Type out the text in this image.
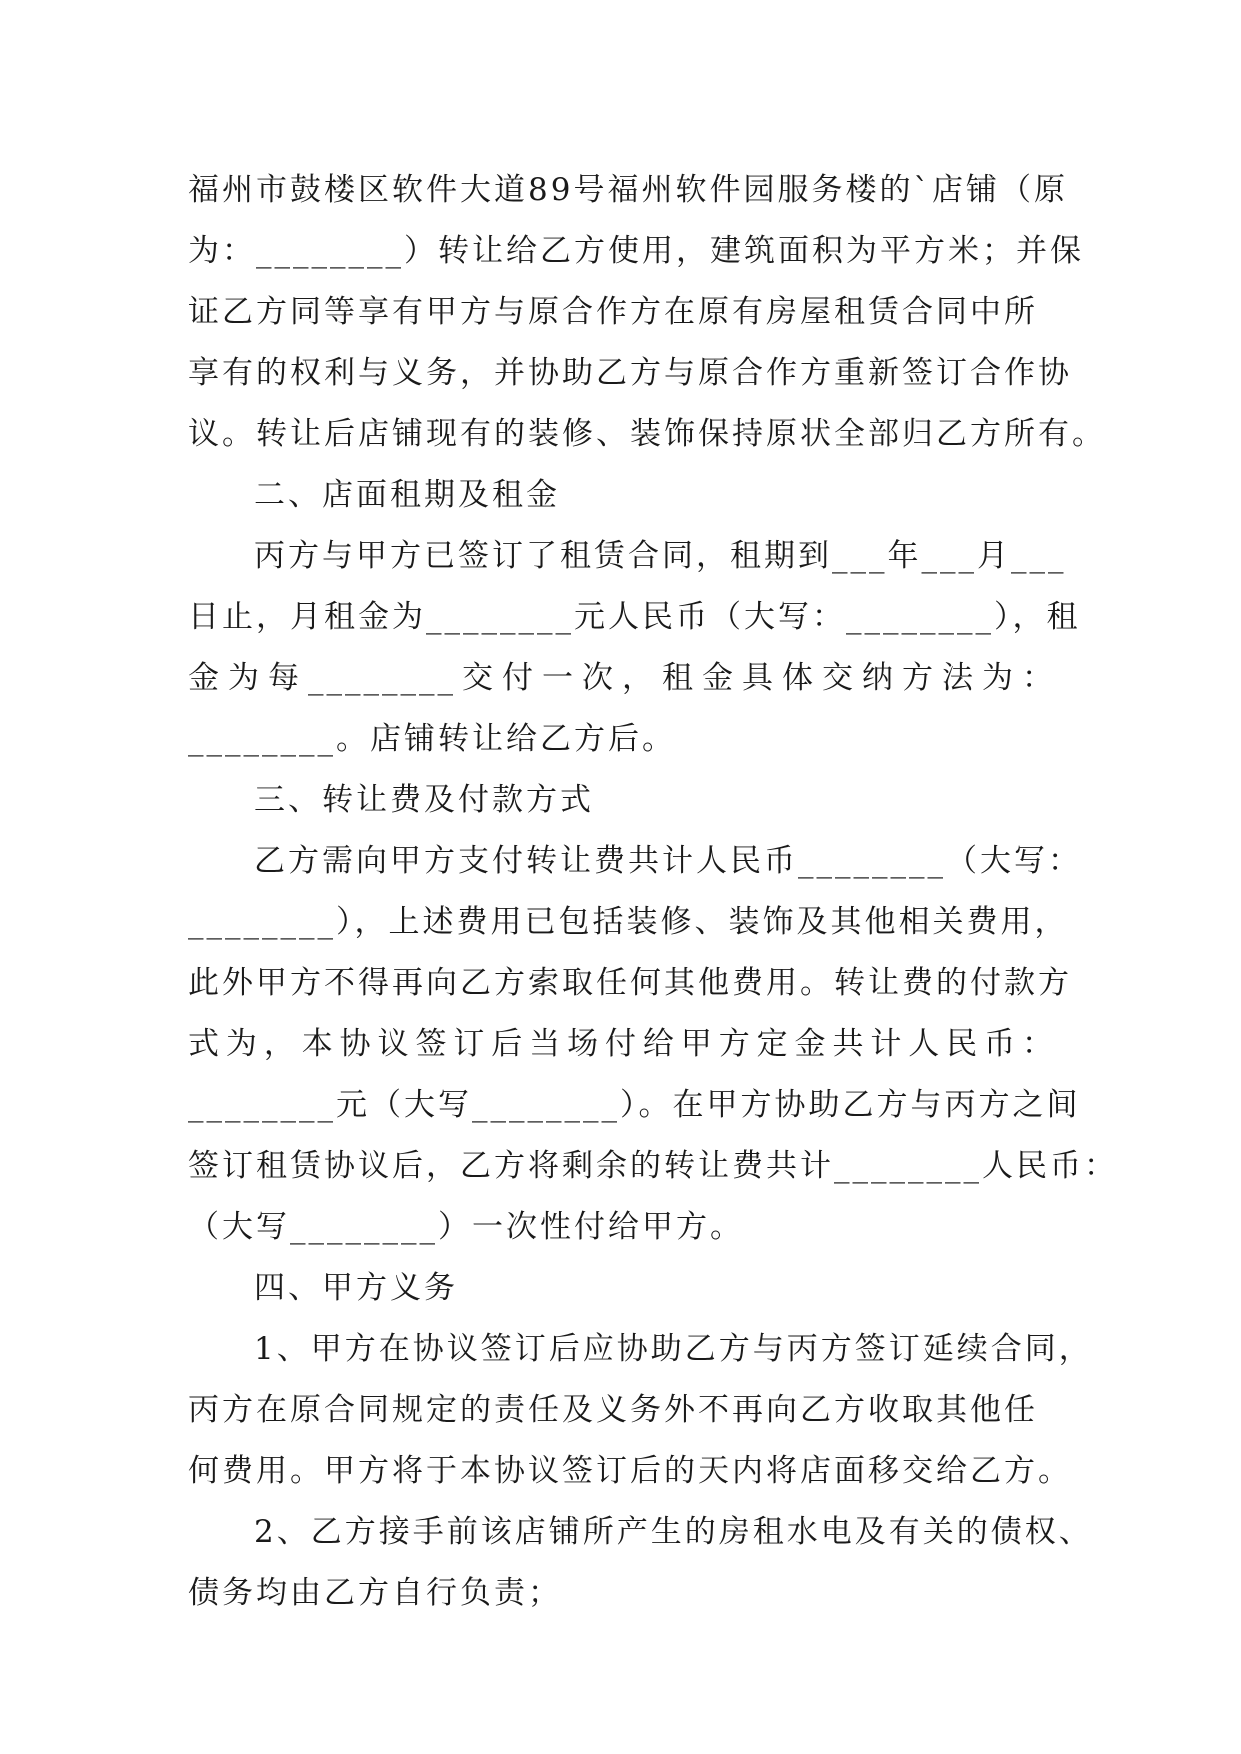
福州市鼓楼区软件大道89号福州软件园服务楼的`店铺（原
为：________）转让给乙方使用，建筑面积为平方米；并保
证乙方同等享有甲方与原合作方在原有房屋租赁合同中所
享有的权利与义务，并协助乙方与原合作方重新签订合作协
议。转让后店铺现有的装修、装饰保持原状全部归乙方所有。
二、店面租期及租金
丙方与甲方已签订了租赁合同，租期到___年___月___
日止，月租金为________元人民币（大写：________），租
金为每________交付一次，租金具体交纳方法为：
________。店铺转让给乙方后。
三、转让费及付款方式
乙方需向甲方支付转让费共计人民币________（大写：
________），上述费用已包括装修、装饰及其他相关费用，
此外甲方不得再向乙方索取任何其他费用。转让费的付款方
式为，本协议签订后当场付给甲方定金共计人民币：
________元（大写________）。在甲方协助乙方与丙方之间
签订租赁协议后，乙方将剩余的转让费共计________人民币：
（大写________）一次性付给甲方。
四、甲方义务
1、甲方在协议签订后应协助乙方与丙方签订延续合同，
丙方在原合同规定的责任及义务外不再向乙方收取其他任
何费用。甲方将于本协议签订后的天内将店面移交给乙方。
2、乙方接手前该店铺所产生的房租水电及有关的债权、
债务均由乙方自行负责；
